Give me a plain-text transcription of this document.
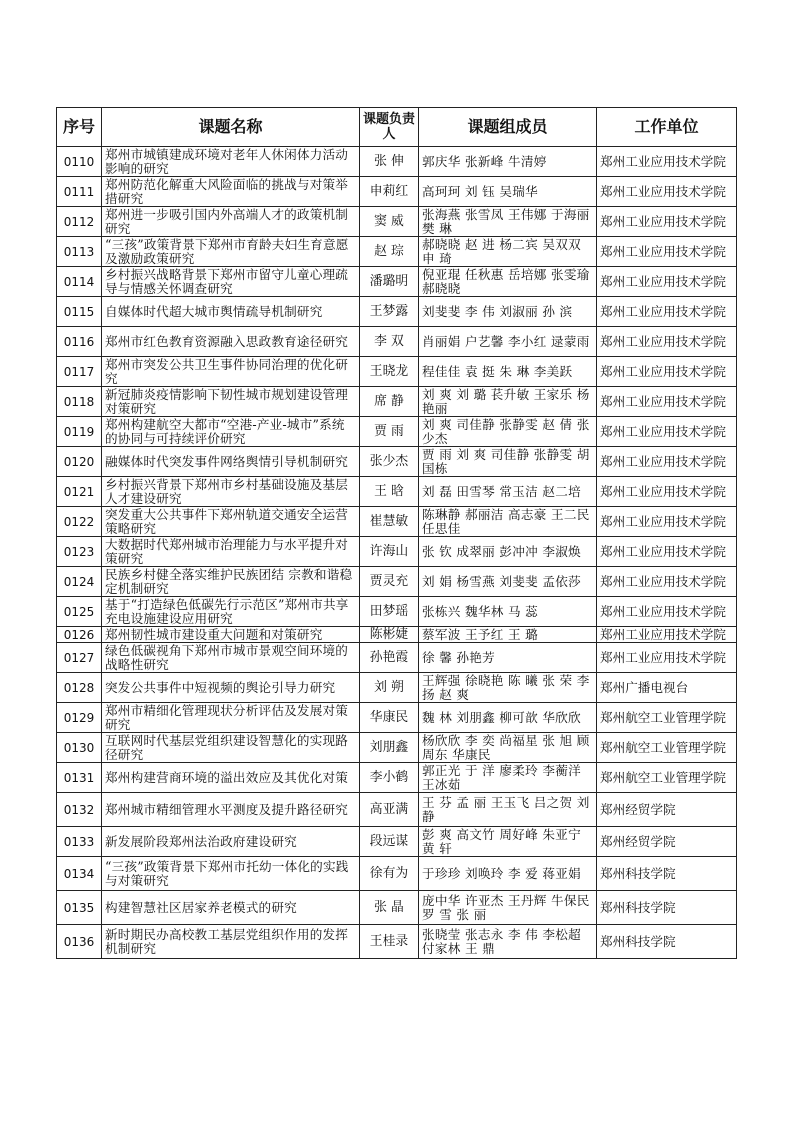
序号	课题名称	课题负责人	课题组成员	工作单位
0110	郑州市城镇建成环境对老年人休闲体力活动影响的研究	张 伸	郭庆华 张新峰 牛清婷	郑州工业应用技术学院
0111	郑州防范化解重大风险面临的挑战与对策举措研究	申莉红	高珂珂 刘 钰 吴瑞华	郑州工业应用技术学院
0112	郑州进一步吸引国内外高端人才的政策机制研究	窦 威	张海燕 张雪凤 王伟娜 于海丽 樊 琳	郑州工业应用技术学院
0113	“三孩”政策背景下郑州市育龄夫妇生育意愿及激励政策研究	赵 琮	郝晓晓 赵 进 杨二宾 吴双双 申 琦	郑州工业应用技术学院
0114	乡村振兴战略背景下郑州市留守儿童心理疏导与情感关怀调查研究	潘璐明	倪亚琨 任秋惠 岳培娜 张雯瑜 郝晓晓	郑州工业应用技术学院
0115	自媒体时代超大城市舆情疏导机制研究	王梦露	刘斐斐 李 伟 刘淑丽 孙 滨	郑州工业应用技术学院
0116	郑州市红色教育资源融入思政教育途径研究	李 双	肖丽娟 户艺馨 李小红 逯蒙雨	郑州工业应用技术学院
0117	郑州市突发公共卫生事件协同治理的优化研究	王晓龙	程佳佳 袁 挺 朱 琳 李美跃	郑州工业应用技术学院
0118	新冠肺炎疫情影响下韧性城市规划建设管理对策研究	席 静	刘 爽 刘 璐 苌升敏 王家乐 杨艳丽	郑州工业应用技术学院
0119	郑州构建航空大都市“空港-产业-城市”系统的协同与可持续评价研究	贾 雨	刘 爽 司佳静 张静雯 赵 倩 张少杰	郑州工业应用技术学院
0120	融媒体时代突发事件网络舆情引导机制研究	张少杰	贾 雨 刘 爽 司佳静 张静雯 胡国栋	郑州工业应用技术学院
0121	乡村振兴背景下郑州市乡村基础设施及基层人才建设研究	王 晗	刘 磊 田雪琴 常玉洁 赵二培	郑州工业应用技术学院
0122	突发重大公共事件下郑州轨道交通安全运营策略研究	崔慧敏	陈琳静 郝丽洁 高志豪 王二民 任思佳	郑州工业应用技术学院
0123	大数据时代郑州城市治理能力与水平提升对策研究	许海山	张 钦 成翠丽 彭冲冲 李淑焕	郑州工业应用技术学院
0124	民族乡村健全落实维护民族团结 宗教和谐稳定机制研究	贾灵充	刘 娟 杨雪燕 刘斐斐 孟依莎	郑州工业应用技术学院
0125	基于“打造绿色低碳先行示范区”郑州市共享充电设施建设应用研究	田梦瑶	张栋兴 魏华林 马 蕊	郑州工业应用技术学院
0126	郑州韧性城市建设重大问题和对策研究	陈彬婕	蔡军波 王予红 王 璐	郑州工业应用技术学院
0127	绿色低碳视角下郑州市城市景观空间环境的战略性研究	孙艳霞	徐 馨 孙艳芳	郑州工业应用技术学院
0128	突发公共事件中短视频的舆论引导力研究	刘 朔	王辉强 徐晓艳 陈 曦 张 荣 李 扬 赵 爽	郑州广播电视台
0129	郑州市精细化管理现状分析评估及发展对策研究	华康民	魏 林 刘朋鑫 柳可歆 华欣欣	郑州航空工业管理学院
0130	互联网时代基层党组织建设智慧化的实现路径研究	刘朋鑫	杨欣欣 李 奕 尚福星 张 旭 顾周东 华康民	郑州航空工业管理学院
0131	郑州构建营商环境的溢出效应及其优化对策	李小鹤	郭正光 于 洋 廖柔玲 李蘅洋 王冰茹	郑州航空工业管理学院
0132	郑州城市精细管理水平测度及提升路径研究	高亚满	王 芬 孟 丽 王玉飞 吕之贺 刘 静	郑州经贸学院
0133	新发展阶段郑州法治政府建设研究	段远谋	彭 爽 高文竹 周好峰 朱亚宁 黄 轩	郑州经贸学院
0134	“三孩”政策背景下郑州市托幼一体化的实践与对策研究	徐有为	于珍珍 刘唤玲 李 爱 蒋亚娟	郑州科技学院
0135	构建智慧社区居家养老模式的研究	张 晶	庞中华 许亚杰 王丹辉 牛保民 罗 雪 张 丽	郑州科技学院
0136	新时期民办高校教工基层党组织作用的发挥机制研究	王桂录	张晓莹 张志永 李 伟 李松超 付家林 王 鼎	郑州科技学院
